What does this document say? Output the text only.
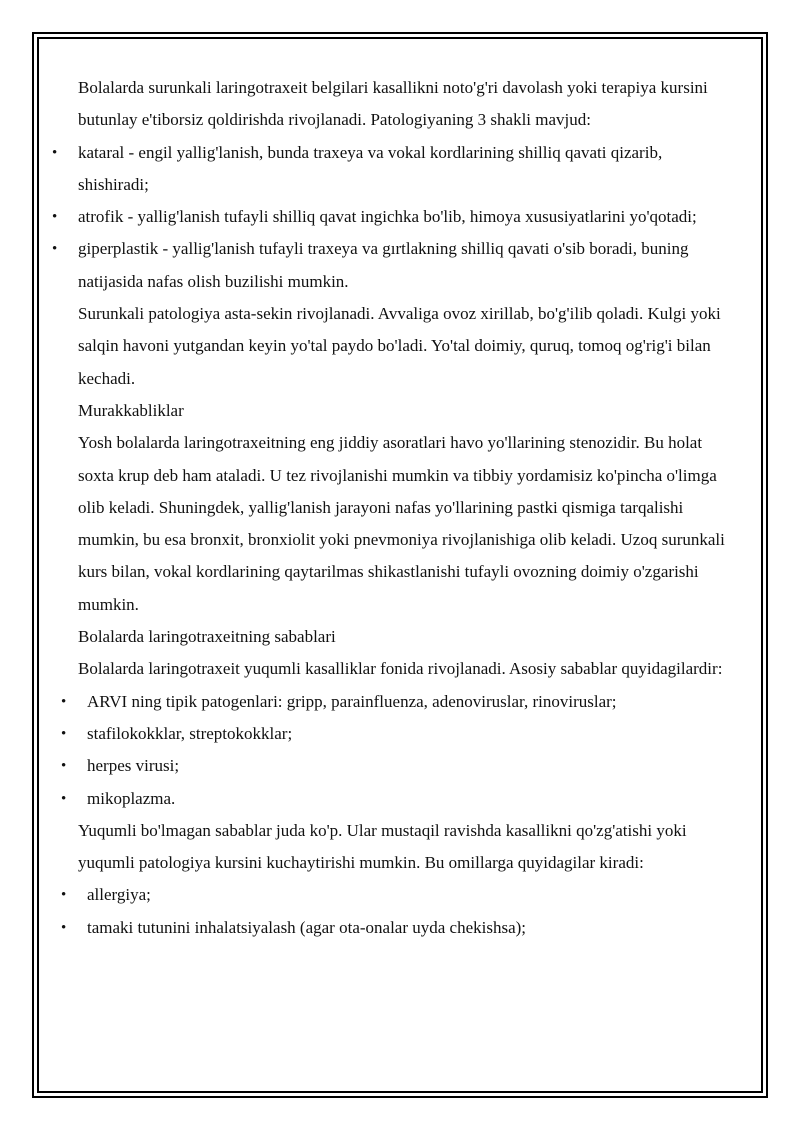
Bolalarda surunkali laringotraxeit belgilari kasallikni noto'g'ri davolash yoki terapiya kursini butunlay e'tiborsiz qoldirishda rivojlanadi. Patologiyaning 3 shakli mavjud:

• kataral - engil yallig'lanish, bunda traxeya va vokal kordlarining shilliq qavati qizarib, shishiradi;
• atrofik - yallig'lanish tufayli shilliq qavat ingichka bo'lib, himoya xususiyatlarini yo'qotadi;
• giperplastik - yallig'lanish tufayli traxeya va gırtlakning shilliq qavati o'sib boradi, buning natijasida nafas olish buzilishi mumkin.

Surunkali patologiya asta-sekin rivojlanadi. Avvaliga ovoz xirillab, bo'g'ilib qoladi. Kulgi yoki salqin havoni yutgandan keyin yo'tal paydo bo'ladi. Yo'tal doimiy, quruq, tomoq og'rig'i bilan kechadi.

Murakkabliklar

Yosh bolalarda laringotraxeitning eng jiddiy asoratlari havo yo'llarining stenozidir. Bu holat soxta krup deb ham ataladi. U tez rivojlanishi mumkin va tibbiy yordamisiz ko'pincha o'limga olib keladi. Shuningdek, yallig'lanish jarayoni nafas yo'llarining pastki qismiga tarqalishi mumkin, bu esa bronxit, bronxiolit yoki pnevmoniya rivojlanishiga olib keladi. Uzoq surunkali kurs bilan, vokal kordlarining qaytarilmas shikastlanishi tufayli ovozning doimiy o'zgarishi mumkin.

Bolalarda laringotraxeitning sabablari

Bolalarda laringotraxeit yuqumli kasalliklar fonida rivojlanadi. Asosiy sabablar quyidagilardir:

• ARVI ning tipik patogenlari: gripp, parainfluenza, adenoviruslar, rinoviruslar;
• stafilokokklar, streptokokklar;
• herpes virusi;
• mikoplazma.

Yuqumli bo'lmagan sabablar juda ko'p. Ular mustaqil ravishda kasallikni qo'zg'atishi yoki yuqumli patologiya kursini kuchaytirishi mumkin. Bu omillarga quyidagilar kiradi:

• allergiya;
• tamaki tutunini inhalatsiyalash (agar ota-onalar uyda chekishsa);
